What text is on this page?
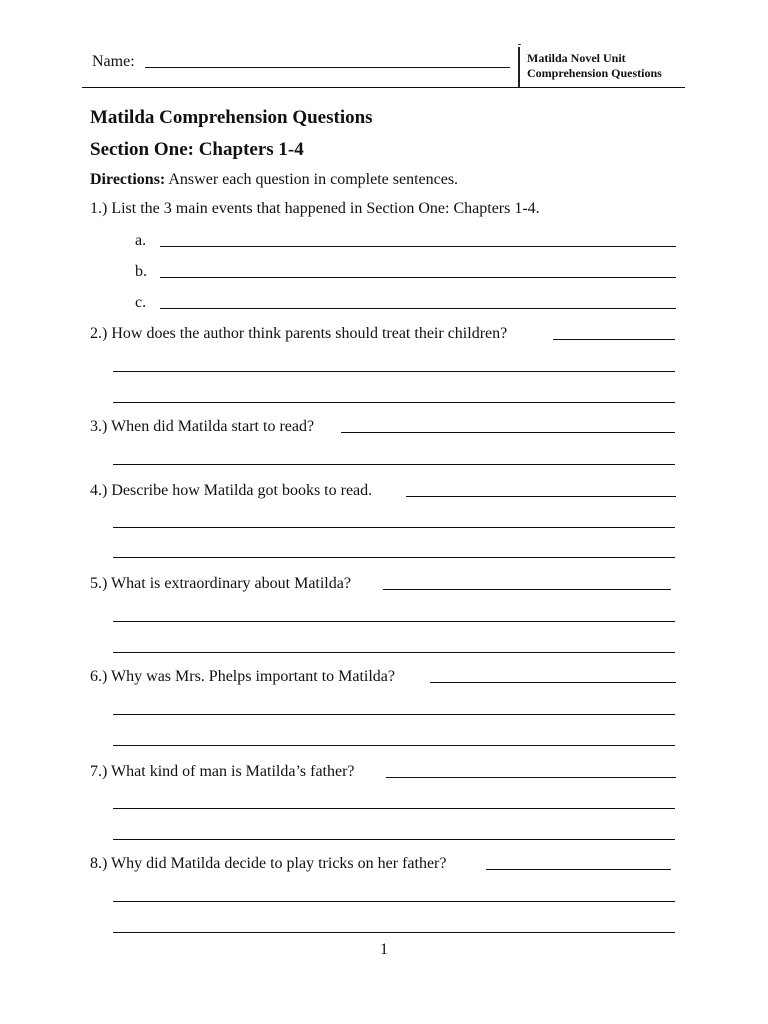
Name:	Matilda Novel Unit
Comprehension Questions
Matilda Comprehension Questions
Section One: Chapters 1-4
Directions: Answer each question in complete sentences.
1.) List the 3 main events that happened in Section One: Chapters 1-4.
a.
b.
c.
2.) How does the author think parents should treat their children?
3.) When did Matilda start to read?
4.) Describe how Matilda got books to read.
5.) What is extraordinary about Matilda?
6.) Why was Mrs. Phelps important to Matilda?
7.) What kind of man is Matilda’s father?
8.) Why did Matilda decide to play tricks on her father?
1
